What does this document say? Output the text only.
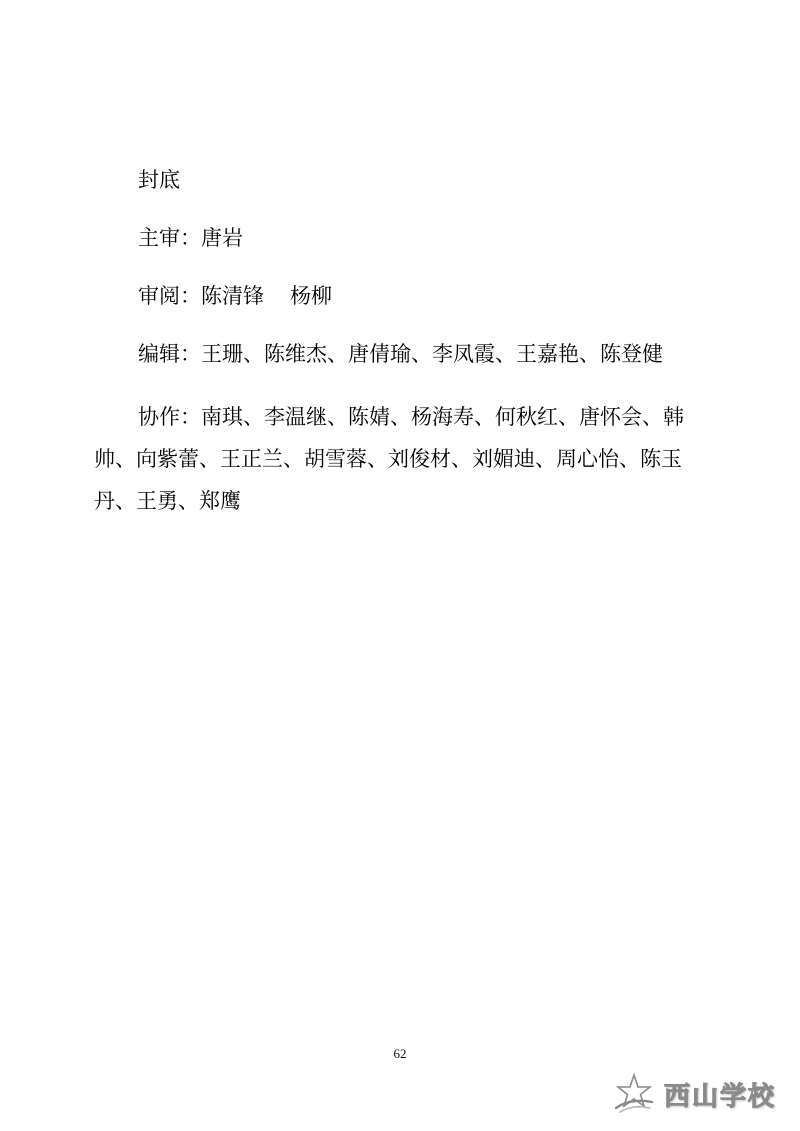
封底

主审：唐岩

审阅：陈清锋 杨柳

编辑：王珊、陈维杰、唐倩瑜、李凤霞、王嘉艳、陈登健

协作：南琪、李温继、陈婧、杨海寿、何秋红、唐怀会、韩帅、向紫蕾、王正兰、胡雪蓉、刘俊材、刘媚迪、周心怡、陈玉丹、王勇、郑鹰

62
西山学校
